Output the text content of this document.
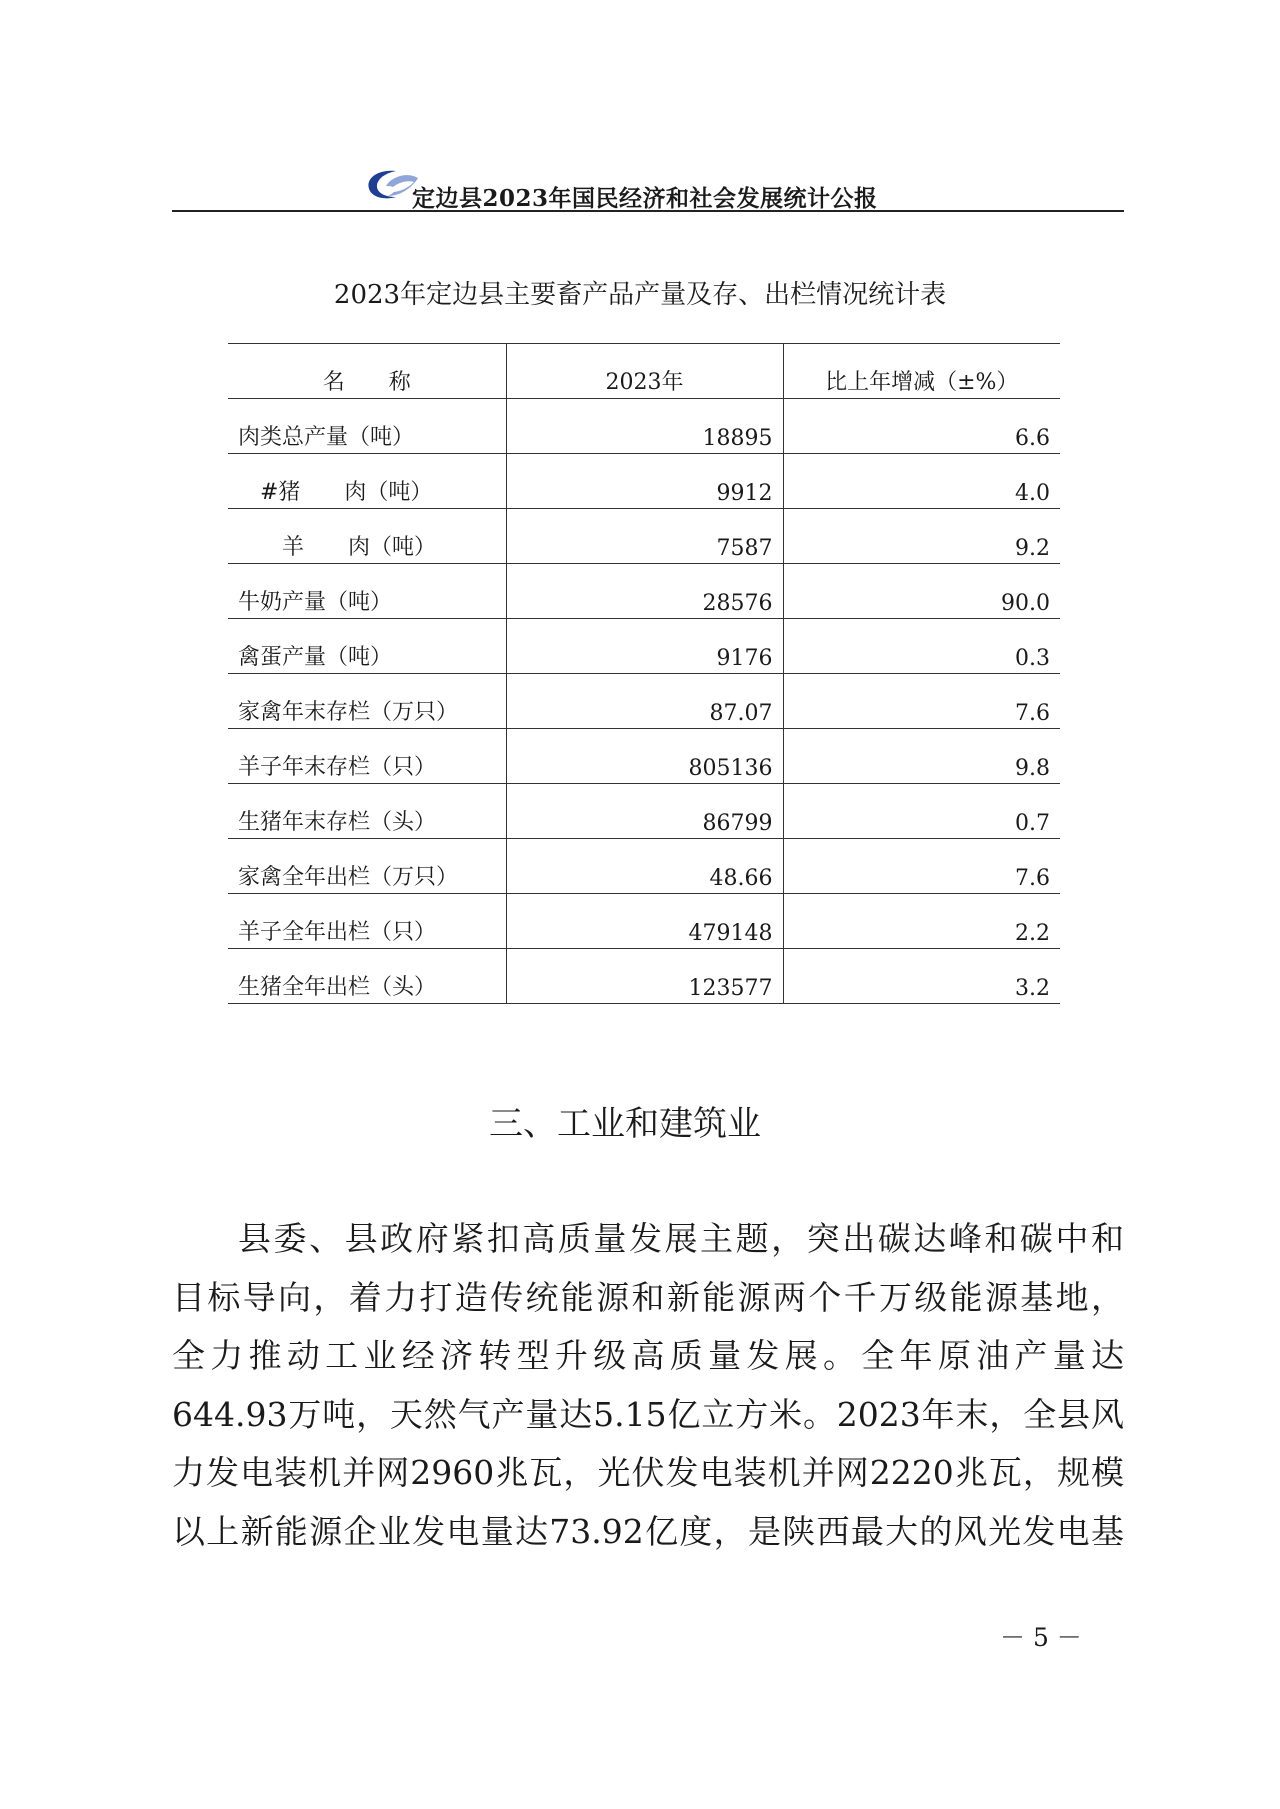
定边县2023年国民经济和社会发展统计公报
2023年定边县主要畜产品产量及存、出栏情况统计表
名　　称	2023年	比上年增减（±%）
肉类总产量（吨）	18895	6.6
　#猪　　肉（吨）	9912	4.0
　　羊　　肉（吨）	7587	9.2
牛奶产量（吨）	28576	90.0
禽蛋产量（吨）	9176	0.3
家禽年末存栏（万只）	87.07	7.6
羊子年末存栏（只）	805136	9.8
生猪年末存栏（头）	86799	0.7
家禽全年出栏（万只）	48.66	7.6
羊子全年出栏（只）	479148	2.2
生猪全年出栏（头）	123577	3.2
三、工业和建筑业
县委、县政府紧扣高质量发展主题，突出碳达峰和碳中和
目标导向，着力打造传统能源和新能源两个千万级能源基地，
全力推动工业经济转型升级高质量发展。全年原油产量达
644.93万吨，天然气产量达5.15亿立方米。2023年末，全县风
力发电装机并网2960兆瓦，光伏发电装机并网2220兆瓦，规模
以上新能源企业发电量达73.92亿度，是陕西最大的风光发电基
－ 5 －
